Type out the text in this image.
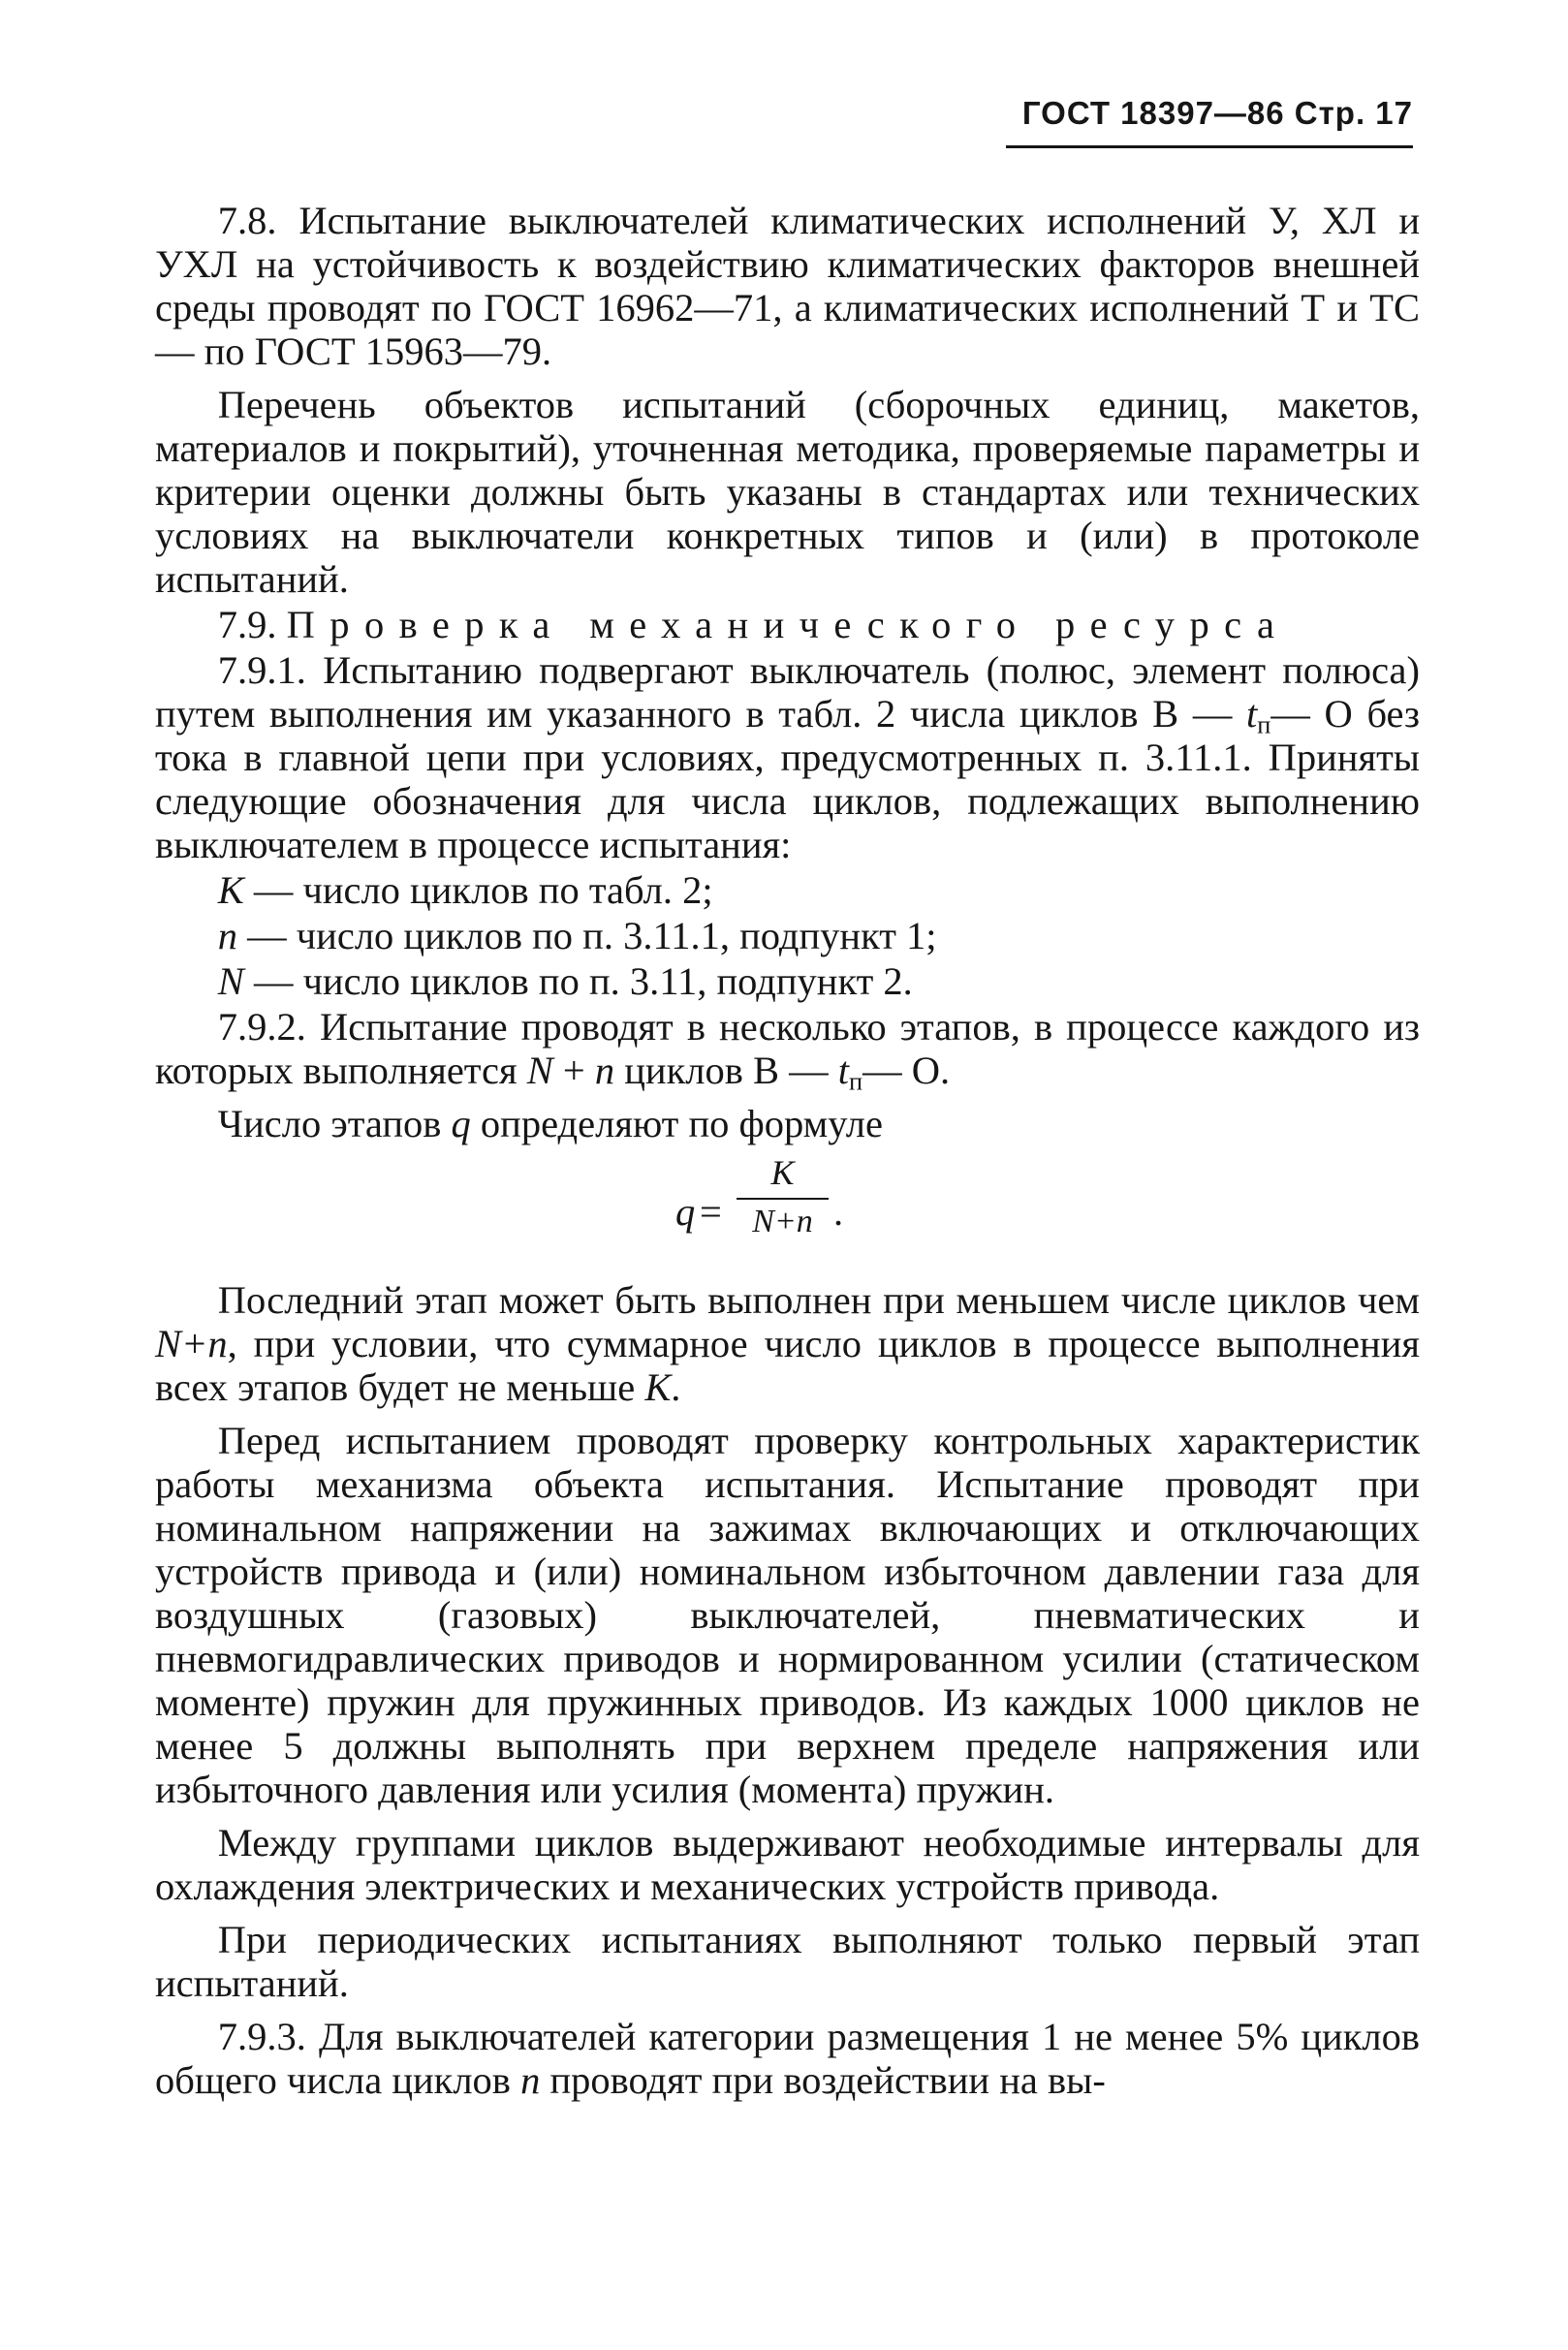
ГОСТ 18397—86 Стр. 17

7.8. Испытание выключателей климатических исполнений У, ХЛ и УХЛ на устойчивость к воздействию климатических факторов внешней среды проводят по ГОСТ 16962—71, а климатических исполнений Т и ТС — по ГОСТ 15963—79.

Перечень объектов испытаний (сборочных единиц, макетов, материалов и покрытий), уточненная методика, проверяемые параметры и критерии оценки должны быть указаны в стандартах или технических условиях на выключатели конкретных типов и (или) в протоколе испытаний.

7.9. Проверка механического ресурса

7.9.1. Испытанию подвергают выключатель (полюс, элемент полюса) путем выполнения им указанного в табл. 2 числа циклов В — $t_п—$ О без тока в главной цепи при условиях, предусмотренных п. 3.11.1. Приняты следующие обозначения для числа циклов, подлежащих выполнению выключателем в процессе испытания:

К — число циклов по табл. 2;

n — число циклов по п. 3.11.1, подпункт 1;

N — число циклов по п. 3.11, подпункт 2.

7.9.2. Испытание проводят в несколько этапов, в процессе каждого из которых выполняется N + n циклов В — $t_п—$ О.

Число этапов q определяют по формуле

q =
K
N+n .

Последний этап может быть выполнен при меньшем числе циклов чем N+n, при условии, что суммарное число циклов в процессе выполнения всех этапов будет не меньше К.

Перед испытанием проводят проверку контрольных характеристик работы механизма объекта испытания. Испытание проводят при номинальном напряжении на зажимах включающих и отключающих устройств привода и (или) номинальном избыточном давлении газа для воздушных (газовых) выключателей, пневматических и пневмогидравлических приводов и нормированном усилии (статическом моменте) пружин для пружинных приводов. Из каждых 1000 циклов не менее 5 должны выполнять при верхнем пределе напряжения или избыточного давления или усилия (момента) пружин.

Между группами циклов выдерживают необходимые интервалы для охлаждения электрических и механических устройств привода.

При периодических испытаниях выполняют только первый этап испытаний.

7.9.3. Для выключателей категории размещения 1 не менее 5% циклов общего числа циклов n проводят при воздействии на вы-
